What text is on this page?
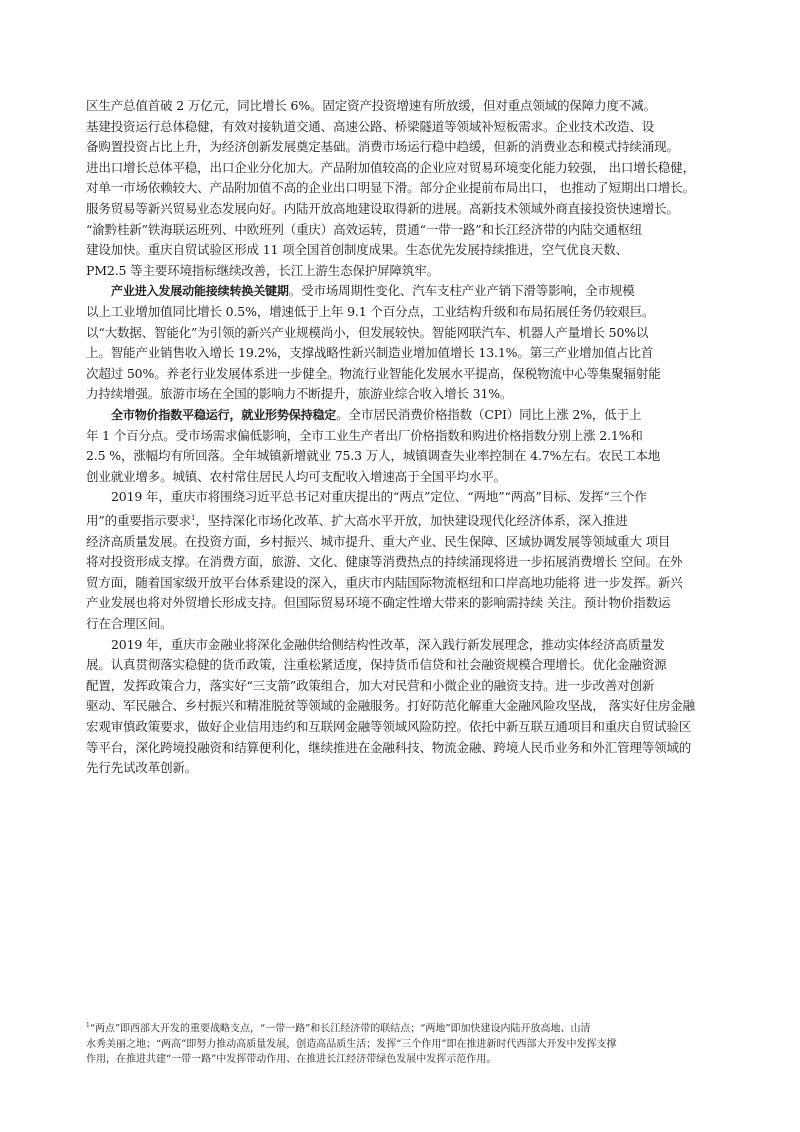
区生产总值首破 2 万亿元，同比增长 6%。固定资产投资增速有所放缓，但对重点领域的保障力度不减。
基建投资运行总体稳健，有效对接轨道交通、高速公路、桥梁隧道等领域补短板需求。企业技术改造、设
备购置投资占比上升，为经济创新发展奠定基础。消费市场运行稳中趋缓，但新的消费业态和模式持续涌现。
进出口增长总体平稳，出口企业分化加大。产品附加值较高的企业应对贸易环境变化能力较强， 出口增长稳健，
对单一市场依赖较大、产品附加值不高的企业出口明显下滑。部分企业提前布局出口， 也推动了短期出口增长。
服务贸易等新兴贸易业态发展向好。内陆开放高地建设取得新的进展。高新技术领域外商直接投资快速增长。
“渝黔桂新”铁海联运班列、中欧班列（重庆）高效运转，贯通“一带一路”和长江经济带的内陆交通枢纽
建设加快。重庆自贸试验区形成 11 项全国首创制度成果。生态优先发展持续推进，空气优良天数、
PM2.5 等主要环境指标继续改善，长江上游生态保护屏障筑牢。
产业进入发展动能接续转换关键期。受市场周期性变化、汽车支柱产业产销下滑等影响，全市规模
以上工业增加值同比增长 0.5%，增速低于上年 9.1 个百分点，工业结构升级和布局拓展任务仍较艰巨。
以“大数据、智能化”为引领的新兴产业规模尚小，但发展较快。智能网联汽车、机器人产量增长 50%以
上。智能产业销售收入增长 19.2%，支撑战略性新兴制造业增加值增长 13.1%。第三产业增加值占比首
次超过 50%。养老行业发展体系进一步健全。物流行业智能化发展水平提高，保税物流中心等集聚辐射能
力持续增强。旅游市场在全国的影响力不断提升，旅游业综合收入增长 31%。
全市物价指数平稳运行，就业形势保持稳定。全市居民消费价格指数（CPI）同比上涨 2%，低于上
年 1 个百分点。受市场需求偏低影响，全市工业生产者出厂价格指数和购进价格指数分别上涨 2.1%和
2.5 %，涨幅均有所回落。全年城镇新增就业 75.3 万人，城镇调查失业率控制在 4.7%左右。农民工本地
创业就业增多。城镇、农村常住居民人均可支配收入增速高于全国平均水平。
2019 年，重庆市将围绕习近平总书记对重庆提出的“两点”定位、“两地”“两高”目标、发挥“三个作
用”的重要指示要求$^1$，坚持深化市场化改革、扩大高水平开放，加快建设现代化经济体系，深入推进
经济高质量发展。在投资方面，乡村振兴、城市提升、重大产业、民生保障、区域协调发展等领域重大 项目
将对投资形成支撑。在消费方面，旅游、文化、健康等消费热点的持续涌现将进一步拓展消费增长 空间。在外
贸方面，随着国家级开放平台体系建设的深入，重庆市内陆国际物流枢纽和口岸高地功能将 进一步发挥。新兴
产业发展也将对外贸增长形成支持。但国际贸易环境不确定性增大带来的影响需持续 关注。预计物价指数运
行在合理区间。
2019 年，重庆市金融业将深化金融供给侧结构性改革，深入践行新发展理念，推动实体经济高质量发
展。认真贯彻落实稳健的货币政策，注重松紧适度，保持货币信贷和社会融资规模合理增长。优化金融资源
配置，发挥政策合力，落实好“三支箭”政策组合，加大对民营和小微企业的融资支持。进一步改善对创新
驱动、军民融合、乡村振兴和精准脱贫等领域的金融服务。打好防范化解重大金融风险攻坚战， 落实好住房金融
宏观审慎政策要求，做好企业信用违约和互联网金融等领域风险防控。依托中新互联互通项目和重庆自贸试验区
等平台，深化跨境投融资和结算便利化，继续推进在金融科技、物流金融、跨境人民币业务和外汇管理等领域的
先行先试改革创新。
$^1$“两点”即西部大开发的重要战略支点，“一带一路”和长江经济带的联结点；“两地”即加快建设内陆开放高地、山清
水秀美丽之地；“两高”即努力推动高质量发展，创造高品质生活；发挥“三个作用”即在推进新时代西部大开发中发挥支撑
作用，在推进共建“一带一路”中发挥带动作用、在推进长江经济带绿色发展中发挥示范作用。
